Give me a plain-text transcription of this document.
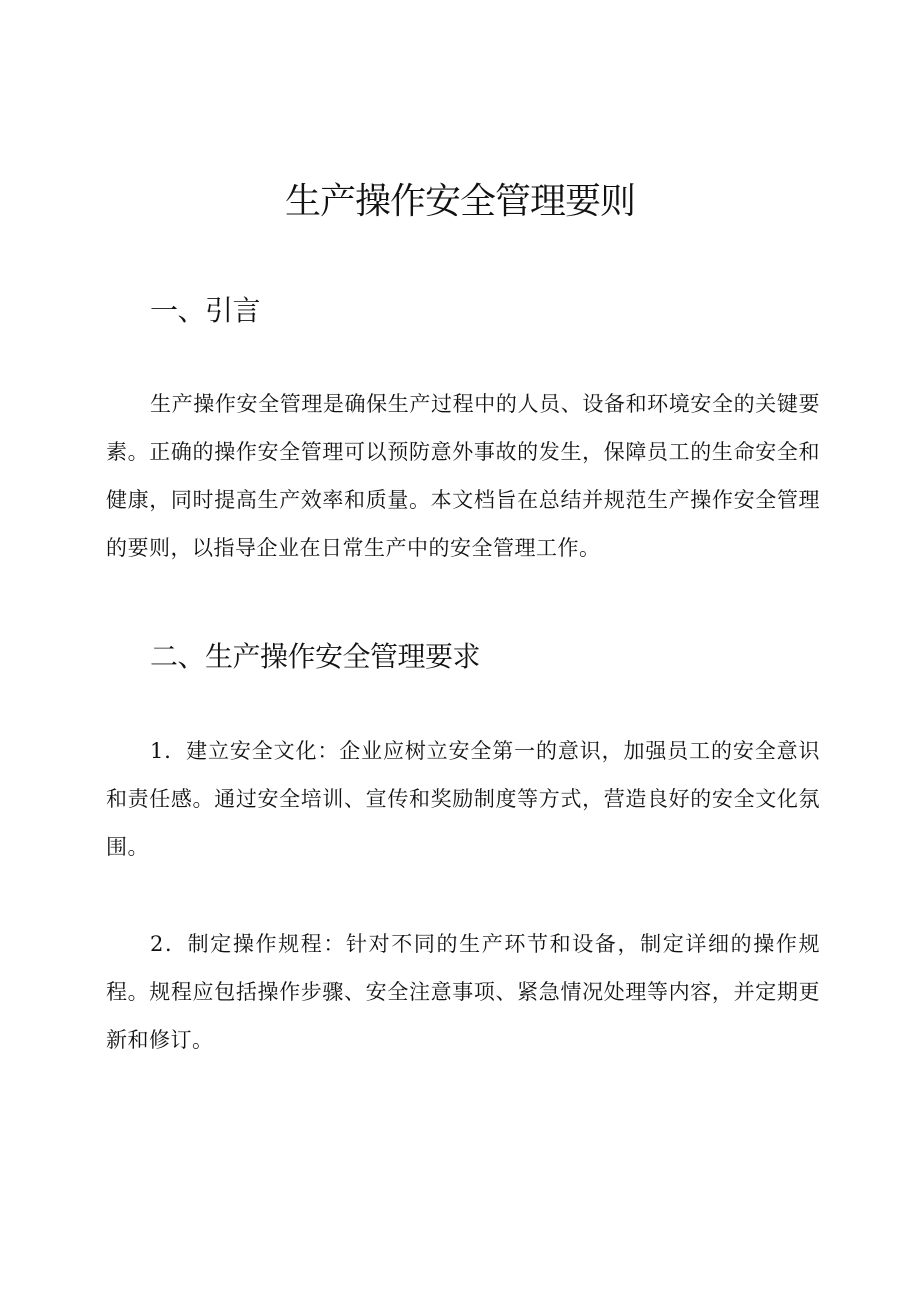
生产操作安全管理要则
一、引言

生产操作安全管理是确保生产过程中的人员、设备和环境安全的关键要素。正确的操作安全管理可以预防意外事故的发生，保障员工的生命安全和健康，同时提高生产效率和质量。本文档旨在总结并规范生产操作安全管理的要则，以指导企业在日常生产中的安全管理工作。

二、生产操作安全管理要求

1．建立安全文化：企业应树立安全第一的意识，加强员工的安全意识和责任感。通过安全培训、宣传和奖励制度等方式，营造良好的安全文化氛围。

2．制定操作规程：针对不同的生产环节和设备，制定详细的操作规程。规程应包括操作步骤、安全注意事项、紧急情况处理等内容，并定期更新和修订。
